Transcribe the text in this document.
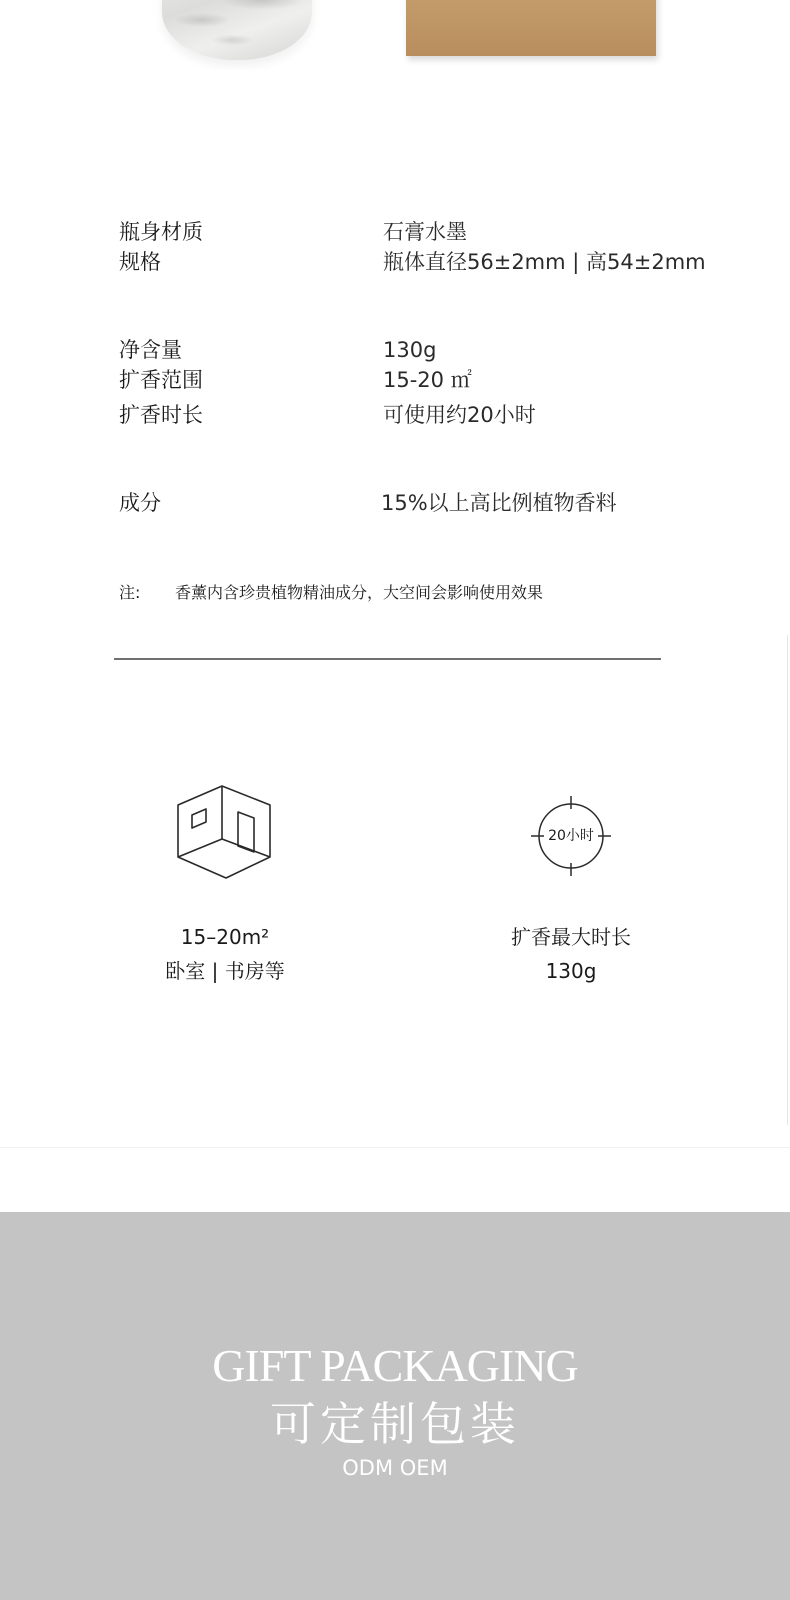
瓶身材质	石膏水墨
规格	瓶体直径56±2mm | 高54±2mm
净含量	130g
扩香范围	15-20 ㎡
扩香时长	可使用约20小时
成分	15%以上高比例植物香料
注: 香薰内含珍贵植物精油成分，大空间会影响使用效果
20小时
15–20m²
卧室 | 书房等
扩香最大时长
130g
GIFT PACKAGING
可定制包装
ODM OEM
